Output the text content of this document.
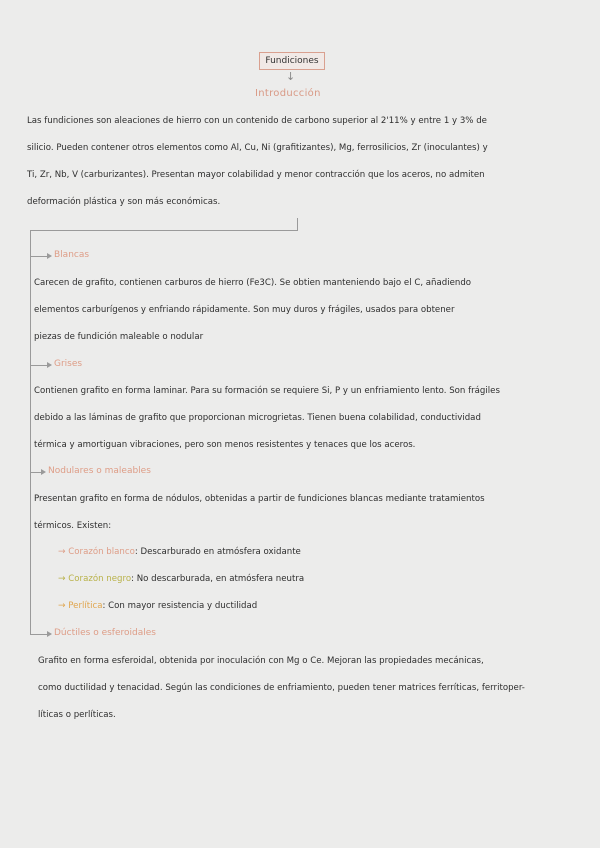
Fundiciones
↓
Introducción
Las fundiciones son aleaciones de hierro con un contenido de carbono superior al 2'11% y entre 1 y 3% de
silicio. Pueden contener otros elementos como Al, Cu, Ni (grafitizantes), Mg, ferrosilicios, Zr (inoculantes) y
Ti, Zr, Nb, V (carburizantes). Presentan mayor colabilidad y menor contracción que los aceros, no admiten
deformación plástica y son más económicas.
Blancas
Carecen de grafito, contienen carburos de hierro (Fe3C). Se obtien manteniendo bajo el C, añadiendo
elementos carburígenos y enfriando rápidamente. Son muy duros y frágiles, usados para obtener
piezas de fundición maleable o nodular
Grises
Contienen grafito en forma laminar. Para su formación se requiere Si, P y un enfriamiento lento. Son frágiles
debido a las láminas de grafito que proporcionan microgrietas. Tienen buena colabilidad, conductividad
térmica y amortiguan vibraciones, pero son menos resistentes y tenaces que los aceros.
Nodulares o maleables
Presentan grafito en forma de nódulos, obtenidas a partir de fundiciones blancas mediante tratamientos
térmicos. Existen:
→ Corazón blanco: Descarburado en atmósfera oxidante
→ Corazón negro: No descarburada, en atmósfera neutra
→ Perlítica: Con mayor resistencia y ductilidad
Dúctiles o esferoidales
Grafito en forma esferoidal, obtenida por inoculación con Mg o Ce. Mejoran las propiedades mecánicas,
como ductilidad y tenacidad. Según las condiciones de enfriamiento, pueden tener matrices ferríticas, ferritoper-
líticas o perlíticas.
